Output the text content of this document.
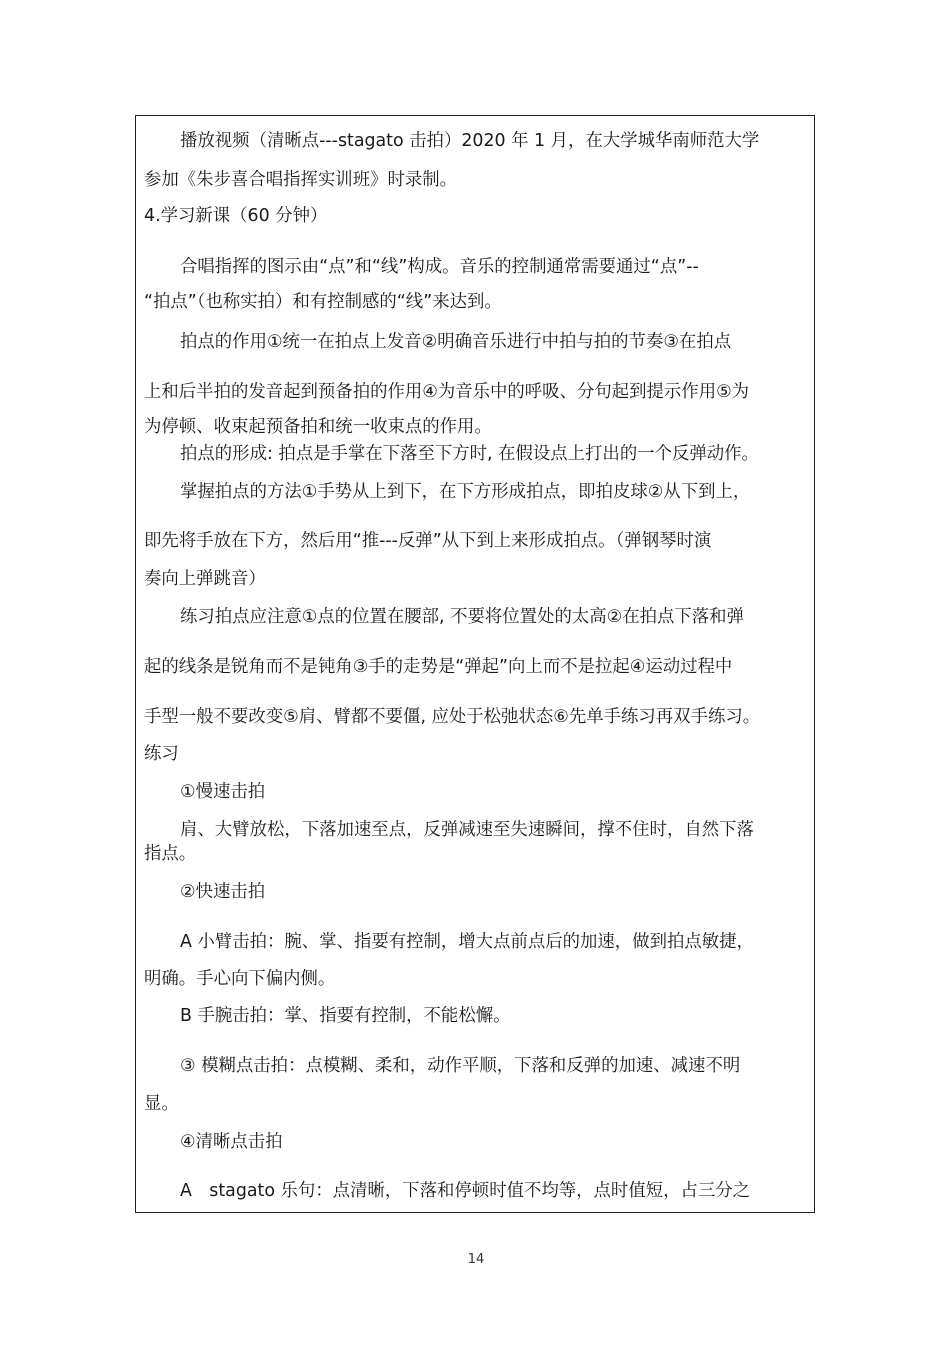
播放视频（清晰点---stagato 击拍）2020 年 1 月，在大学城华南师范大学
参加《朱步喜合唱指挥实训班》时录制。
4.学习新课（60 分钟）
合唱指挥的图示由“点”和“线”构成。音乐的控制通常需要通过“点”--
“拍点”（也称实拍）和有控制感的“线”来达到。
拍点的作用①统一在拍点上发音②明确音乐进行中拍与拍的节奏③在拍点
上和后半拍的发音起到预备拍的作用④为音乐中的呼吸、分句起到提示作用⑤为
为停顿、收束起预备拍和统一收束点的作用。
拍点的形成: 拍点是手掌在下落至下方时, 在假设点上打出的一个反弹动作。
掌握拍点的方法①手势从上到下，在下方形成拍点，即拍皮球②从下到上，
即先将手放在下方，然后用“推---反弹”从下到上来形成拍点。（弹钢琴时演
奏向上弹跳音）
练习拍点应注意①点的位置在腰部, 不要将位置处的太高②在拍点下落和弹
起的线条是锐角而不是钝角③手的走势是“弹起”向上而不是拉起④运动过程中
手型一般不要改变⑤肩、臂都不要僵, 应处于松弛状态⑥先单手练习再双手练习。
练习
①慢速击拍
肩、大臂放松，下落加速至点，反弹减速至失速瞬间，撑不住时，自然下落
指点。
②快速击拍
A 小臂击拍：腕、掌、指要有控制，增大点前点后的加速，做到拍点敏捷，
明确。手心向下偏内侧。
B 手腕击拍：掌、指要有控制，不能松懈。
③ 模糊点击拍：点模糊、柔和，动作平顺，下落和反弹的加速、减速不明
显。
④清晰点击拍
A　stagato 乐句：点清晰，下落和停顿时值不均等，点时值短，占三分之
14
